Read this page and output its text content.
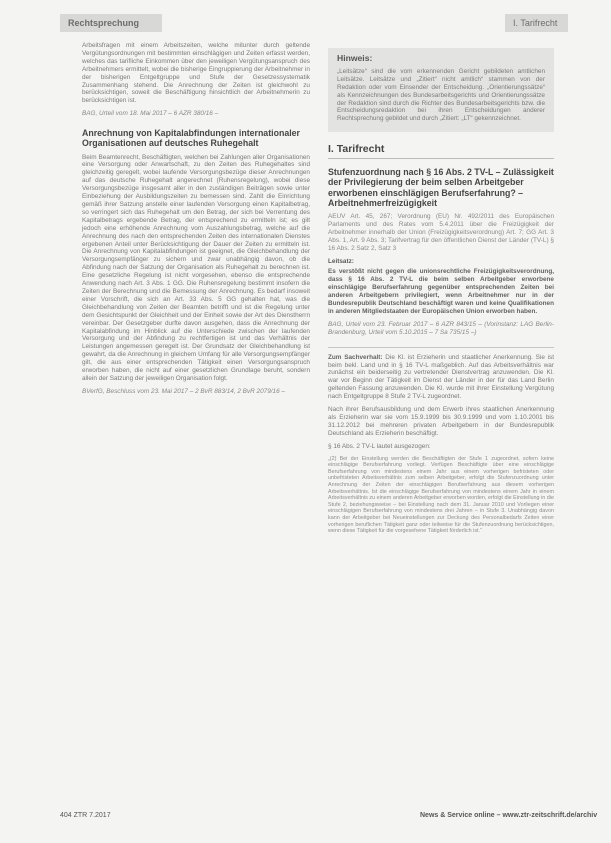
Rechtsprechung	I. Tarifrecht

Arbeitsfragen mit einem Arbeitszeiten, welche mitunter durch geltende Vergütungsordnungen mit bestimmten einschlägigen und Zeiten erfasst werden, welches das tarifliche Einkommen über den jeweiligen Vergütungsanspruch des Arbeitnehmers ermittelt, wobei die bisherige Eingruppierung der Arbeitnehmer in der bisherigen Entgeltgruppe und Stufe der Gesetzessystematik Zusammenhang stehend. Die Anrechnung der Zeiten ist gleichwohl zu berücksichtigen, soweit die Beschäftigung hinsichtlich der Arbeitnehmerin zu berücksichtigen ist.

BAG, Urteil vom 18. Mai 2017 – 6 AZR 380/16 –

Anrechnung von Kapitalabfindungen internationaler Organisationen auf deutsches Ruhegehalt

Beim Beamtenrecht, Beschäftigten, welchen bei Zahlungen aller Organisationen eine Versorgung oder Anwartschaft, zu den Zeiten des Ruhegehaltes sind gleichzeitig geregelt, wobei laufende Versorgungsbezüge dieser Anrechnungen auf das deutsche Ruhegehalt angerechnet (Ruhensregelung), wobei diese Versorgungsbezüge insgesamt aller in den zuständigen Beiträgen sowie unter Einbeziehung der Ausbildungszeiten zu bemessen sind. Zahlt die Einrichtung gemäß ihrer Satzung anstelle einer laufenden Versorgung einen Kapitalbetrag, so verringert sich das Ruhegehalt um den Betrag, der sich bei Verrentung des Kapitalbetrags ergebende Betrag, der entsprechend zu ermitteln ist; es gilt jedoch eine erhöhende Anrechnung vom Auszahlungsbetrag, welche auf die Anrechnung des nach den entsprechenden Zeiten des internationalen Dienstes ergebenen Anteil unter Berücksichtigung der Dauer der Zeiten zu ermitteln ist. Die Anrechnung von Kapitalabfindungen ist geeignet, die Gleichbehandlung der Versorgungsempfänger zu sichern und zwar unabhängig davon, ob die Abfindung nach der Satzung der Organisation als Ruhegehalt zu berechnen ist. Eine gesetzliche Regelung ist nicht vorgesehen, ebenso die entsprechende Anwendung nach Art. 3 Abs. 1 GG. Die Ruhensregelung bestimmt insofern die Zeiten der Berechnung und die Bemessung der Anrechnung. Es bedarf insoweit einer Vorschrift, die sich an Art. 33 Abs. 5 GG gehalten hat, was die Gleichbehandlung von Zeiten der Beamten betrifft und ist die Regelung unter dem Gesichtspunkt der Gleichheit und der Einheit sowie der Art des Dienstherrn vereinbar. Der Gesetzgeber durfte davon ausgehen, dass die Anrechnung der Kapitalabfindung im Hinblick auf die Unterschiede zwischen der laufenden Versorgung und der Abfindung zu rechtfertigen ist und das Verhältnis der Leistungen angemessen geregelt ist. Der Grundsatz der Gleichbehandlung ist gewahrt, da die Anrechnung in gleichem Umfang für alle Versorgungsempfänger gilt, die aus einer entsprechenden Tätigkeit einen Versorgungsanspruch erworben haben, die nicht auf einer gesetzlichen Grundlage beruht, sondern allein der Satzung der jeweiligen Organisation folgt.

BVerfG, Beschluss vom 23. Mai 2017 – 2 BvR 883/14, 2 BvR 2079/16 –

Hinweis:
„Leitsätze“ sind die vom erkennenden Gericht gebildeten amtlichen Leitsätze. Leitsätze und „Zitiert“ nicht amtlich“ stammen von der Redaktion oder vom Einsender der Entscheidung. „Orientierungssätze“ als Kennzeichnungen des Bundesarbeitsgerichts und Orientierungssätze der Redaktion sind durch die Richter des Bundesarbeitsgerichts bzw. die Entscheidungsredaktion bei ihren Entscheidungen anderer Rechtsprechung gebildet und durch „Zitiert: „LT“ gekennzeichnet.
I. Tarifrecht
Stufenzuordnung nach § 16 Abs. 2 TV-L – Zulässigkeit der Privilegierung der beim selben Arbeitgeber erworbenen einschlägigen Berufserfahrung? – Arbeitnehmerfreizügigkeit

AEUV Art. 45, 267; Verordnung (EU) Nr. 492/2011 des Europäischen Parlaments und des Rates vom 5.4.2011 über die Freizügigkeit der Arbeitnehmer innerhalb der Union (Freizügigkeitsverordnung) Art. 7; GG Art. 3 Abs. 1, Art. 9 Abs. 3; Tarifvertrag für den öffentlichen Dienst der Länder (TV-L) § 16 Abs. 2 Satz 2, Satz 3

Leitsatz:

Es verstößt nicht gegen die unionsrechtliche Freizügigkeitsverordnung, dass § 16 Abs. 2 TV-L die beim selben Arbeitgeber erworbene einschlägige Berufserfahrung gegenüber entsprechenden Zeiten bei anderen Arbeitgebern privilegiert, wenn Arbeitnehmer nur in der Bundesrepublik Deutschland beschäftigt waren und keine Qualifikationen in anderen Mitgliedstaaten der Europäischen Union erworben haben.

BAG, Urteil vom 23. Februar 2017 – 6 AZR 843/15 – (Vorinstanz: LAG Berlin-Brandenburg, Urteil vom 5.10.2015 – 7 Sa 735/15 –)

Zum Sachverhalt: Die Kl. ist Erzieherin und staatlicher Anerkennung. Sie ist beim bekl. Land und in § 16 TV-L maßgeblich. Auf das Arbeitsverhältnis war zunächst ein beiderseitig zu vertretender Dienstvertrag anzuwenden. Die Kl. war vor Beginn der Tätigkeit im Dienst der Länder in der für das Land Berlin geltenden Fassung anzuwenden. Die Kl. wurde mit ihrer Einstellung Vergütung nach Entgeltgruppe 8 Stufe 2 TV-L zugeordnet.

Nach ihrer Berufsausbildung und dem Erwerb ihres staatlichen Anerkennung als Erzieherin war sie vom 15.9.1999 bis 30.9.1999 und vom 1.10.2001 bis 31.12.2012 bei mehreren privaten Arbeitgebern in der Bundesrepublik Deutschland als Erzieherin beschäftigt.

§ 16 Abs. 2 TV-L lautet ausgezogen:

„(2) Bei der Einstellung werden die Beschäftigten der Stufe 1 zugeordnet, sofern keine einschlägige Berufserfahrung vorliegt. Verfügen Beschäftigte über eine einschlägige Berufserfahrung von mindestens einem Jahr aus einem vorherigen befristeten oder unbefristeten Arbeitsverhältnis zum selben Arbeitgeber, erfolgt die Stufenzuordnung unter Anrechnung der Zeiten der einschlägigen Berufserfahrung aus diesem vorherigen Arbeitsverhältnis. Ist die einschlägige Berufserfahrung von mindestens einem Jahr in einem Arbeitsverhältnis zu einem anderen Arbeitgeber erworben worden, erfolgt die Einstellung in die Stufe 2, beziehungsweise – bei Einstellung nach dem 31. Januar 2010 und Vorliegen einer einschlägigen Berufserfahrung von mindestens drei Jahren – in Stufe 3. Unabhängig davon kann der Arbeitgeber bei Neueinstellungen zur Deckung des Personalbedarfs Zeiten einer vorherigen beruflichen Tätigkeit ganz oder teilweise für die Stufenzuordnung berücksichtigen, wenn diese Tätigkeit für die vorgesehene Tätigkeit förderlich ist.“

404 ZTR 7.2017	News & Service online – www.ztr-zeitschrift.de/archiv
